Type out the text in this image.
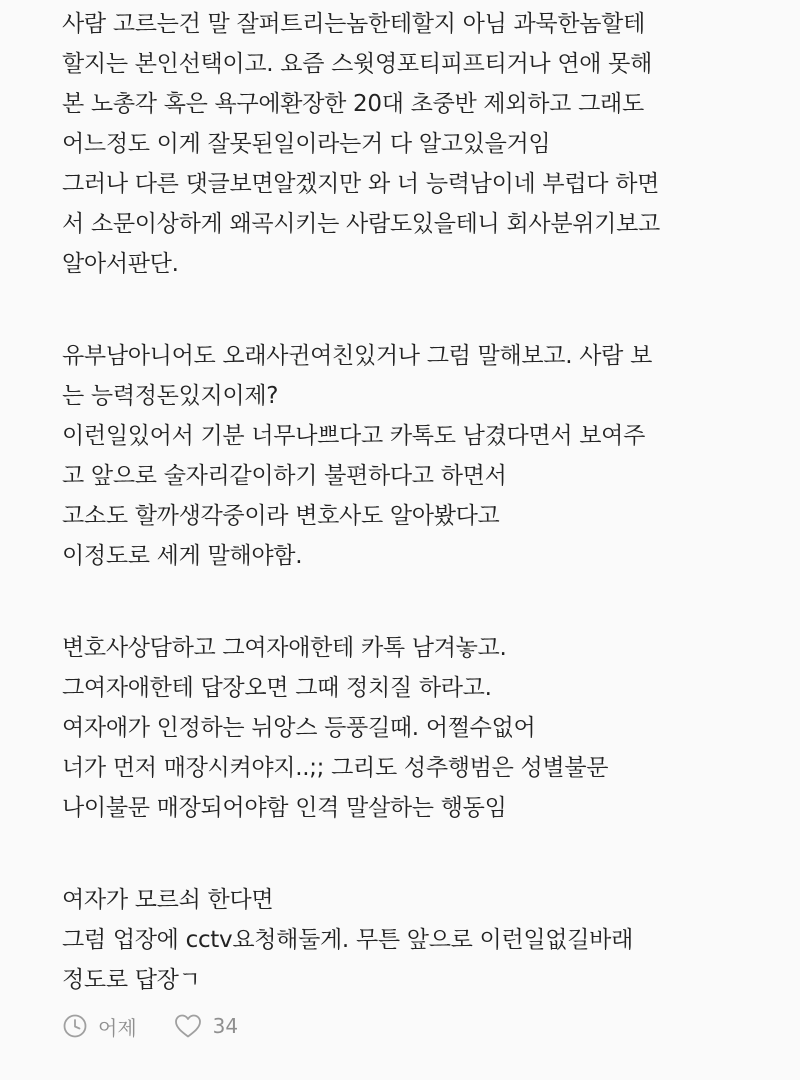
사람 고르는건 말 잘퍼트리는놈한테할지 아님 과묵한놈할테
할지는 본인선택이고. 요즘 스윗영포티피프티거나 연애 못해
본 노총각 혹은 욕구에환장한 20대 초중반 제외하고 그래도
어느정도 이게 잘못된일이라는거 다 알고있을거임
그러나 다른 댓글보면알겠지만 와 너 능력남이네 부럽다 하면
서 소문이상하게 왜곡시키는 사람도있을테니 회사분위기보고
알아서판단.
유부남아니어도 오래사귄여친있거나 그럼 말해보고. 사람 보
는 능력정돈있지이제?
이런일있어서 기분 너무나쁘다고 카톡도 남겼다면서 보여주
고 앞으로 술자리같이하기 불편하다고 하면서
고소도 할까생각중이라 변호사도 알아봤다고
이정도로 세게 말해야함.
변호사상담하고 그여자애한테 카톡 남겨놓고.
그여자애한테 답장오면 그때 정치질 하라고.
여자애가 인정하는 뉘앙스 등풍길때. 어쩔수없어
너가 먼저 매장시켜야지..;; 그리도 성추행범은 성별불문
나이불문 매장되어야함 인격 말살하는 행동임
여자가 모르쇠 한다면
그럼 업장에 cctv요청해둘게. 무튼 앞으로 이런일없길바래
정도로 답장ㄱ
어제	34
